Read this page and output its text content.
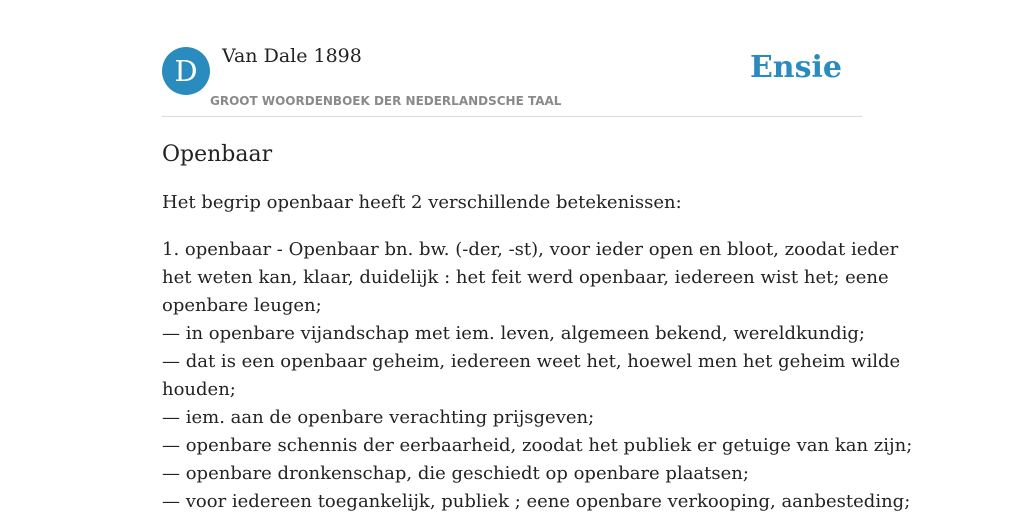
D	Van Dale 1898
GROOT WOORDENBOEK DER NEDERLANDSCHE TAAL
Ensie
Openbaar

Het begrip openbaar heeft 2 verschillende betekenissen:

1. openbaar - Openbaar bn. bw. (-der, -st), voor ieder open en bloot, zoodat ieder
het weten kan, klaar, duidelijk : het feit werd openbaar, iedereen wist het; eene
openbare leugen;
— in openbare vijandschap met iem. leven, algemeen bekend, wereldkundig;
— dat is een openbaar geheim, iedereen weet het, hoewel men het geheim wilde
houden;
— iem. aan de openbare verachting prijsgeven;
— openbare schennis der eerbaarheid, zoodat het publiek er getuige van kan zijn;
— openbare dronkenschap, die geschiedt op openbare plaatsen;
— voor iedereen toegankelijk, publiek ; eene openbare verkooping, aanbesteding;
